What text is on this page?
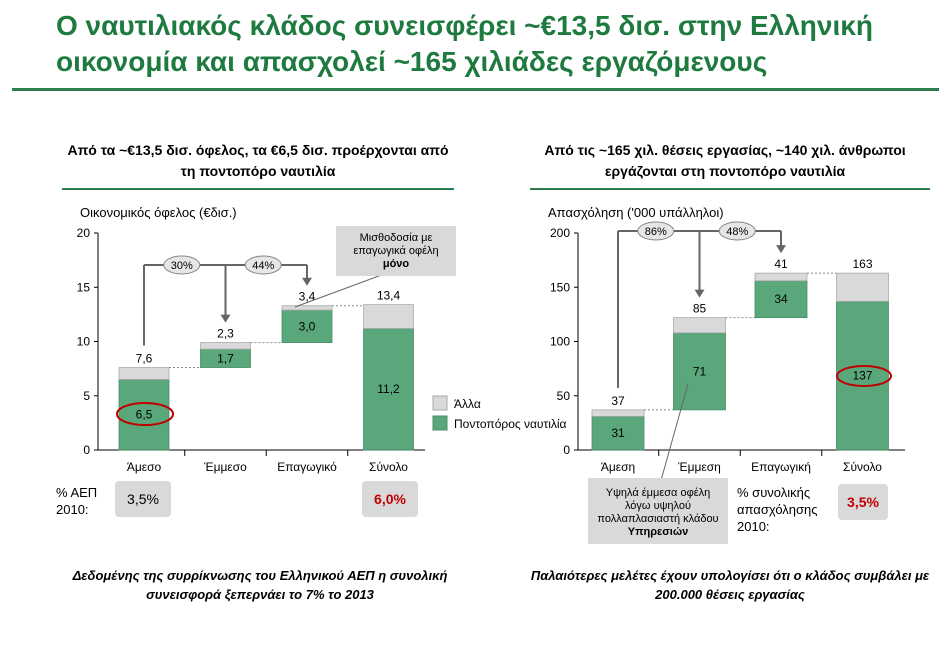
Ο ναυτιλιακός κλάδος συνεισφέρει ~€13,5 δισ. στην Ελληνική οικονομία και απασχολεί ~165 χιλιάδες εργαζόμενους
Από τα ~€13,5 δισ. όφελος, τα €6,5 δισ. προέρχονται από τη ποντοπόρο ναυτιλία
Από τις ~165 χιλ. θέσεις εργασίας, ~140 χιλ. άνθρωποι εργάζονται στη ποντοπόρο ναυτιλία
Οικονομικός όφελος (€δισ.)
0
5
10
15
20
6,5
7,6
Άμεσο
1,7
2,3
Έμμεσο
3,0
3,4
Επαγωγικό
11,2
13,4
Σύνολο
30%	44%
Απασχόληση ('000 υπάλληλοι)
0
50
100
150
200
31
37
Άμεση
71
85
Έμμεση
34
41
Επαγωγική
137
163
Σύνολο
86%	48%
Άλλα
Ποντοπόρος ναυτιλία
Μισθοδοσία με
επαγωγικά οφέλη
μόνο
Υψηλά έμμεσα οφέλη
λόγω υψηλού
πολλαπλασιαστή κλάδου
Υπηρεσιών
% ΑΕΠ 2010:
3,5%	6,0%	% συνολικής απασχόλησης 2010:
3,5%
Δεδομένης της συρρίκνωσης του Ελληνικού ΑΕΠ η συνολική συνεισφορά ξεπερνάει το 7% το 2013
Παλαιότερες μελέτες έχουν υπολογίσει ότι ο κλάδος συμβάλει με 200.000 θέσεις εργασίας
